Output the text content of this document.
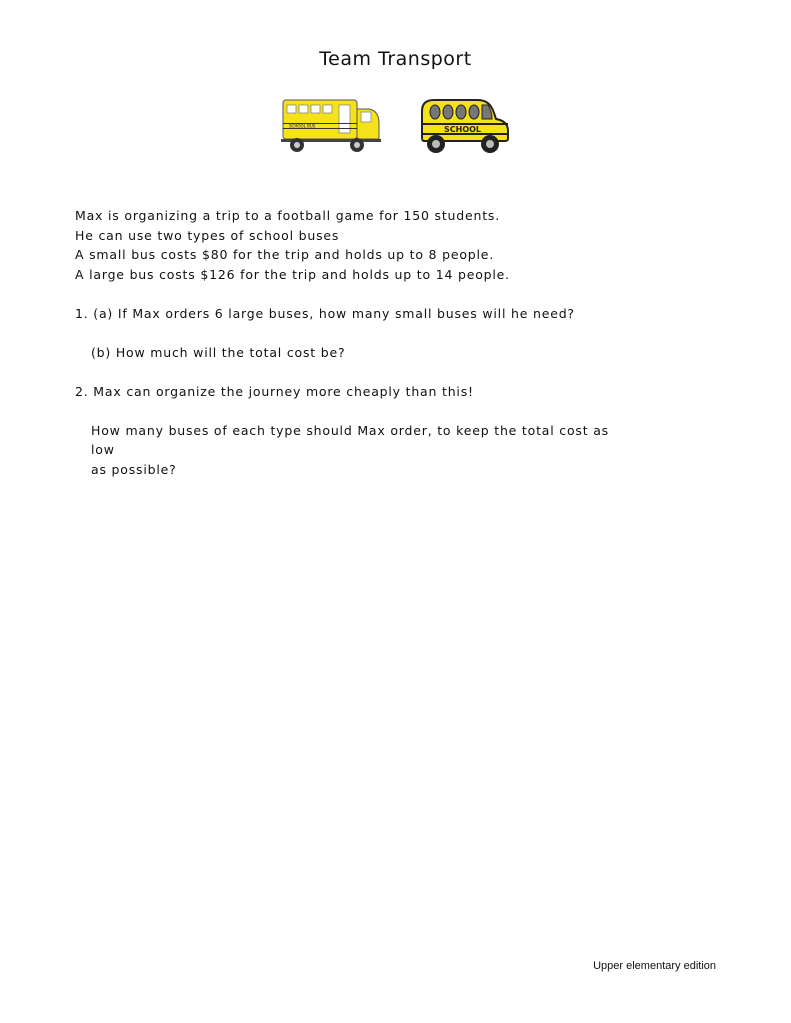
Team Transport
SCHOOL BUS	SCHOOL

Max is organizing a trip to a football game for 150 students.

He can use two types of school buses

A small bus costs $80 for the trip and holds up to 8 people.

A large bus costs $126 for the trip and holds up to 14 people.

1. (a) If Max orders 6 large buses, how many small buses will he need?

(b) How much will the total cost be?

2. Max can organize the journey more cheaply than this!

How many buses of each type should Max order, to keep the total cost as low

as possible?

Upper elementary edition
